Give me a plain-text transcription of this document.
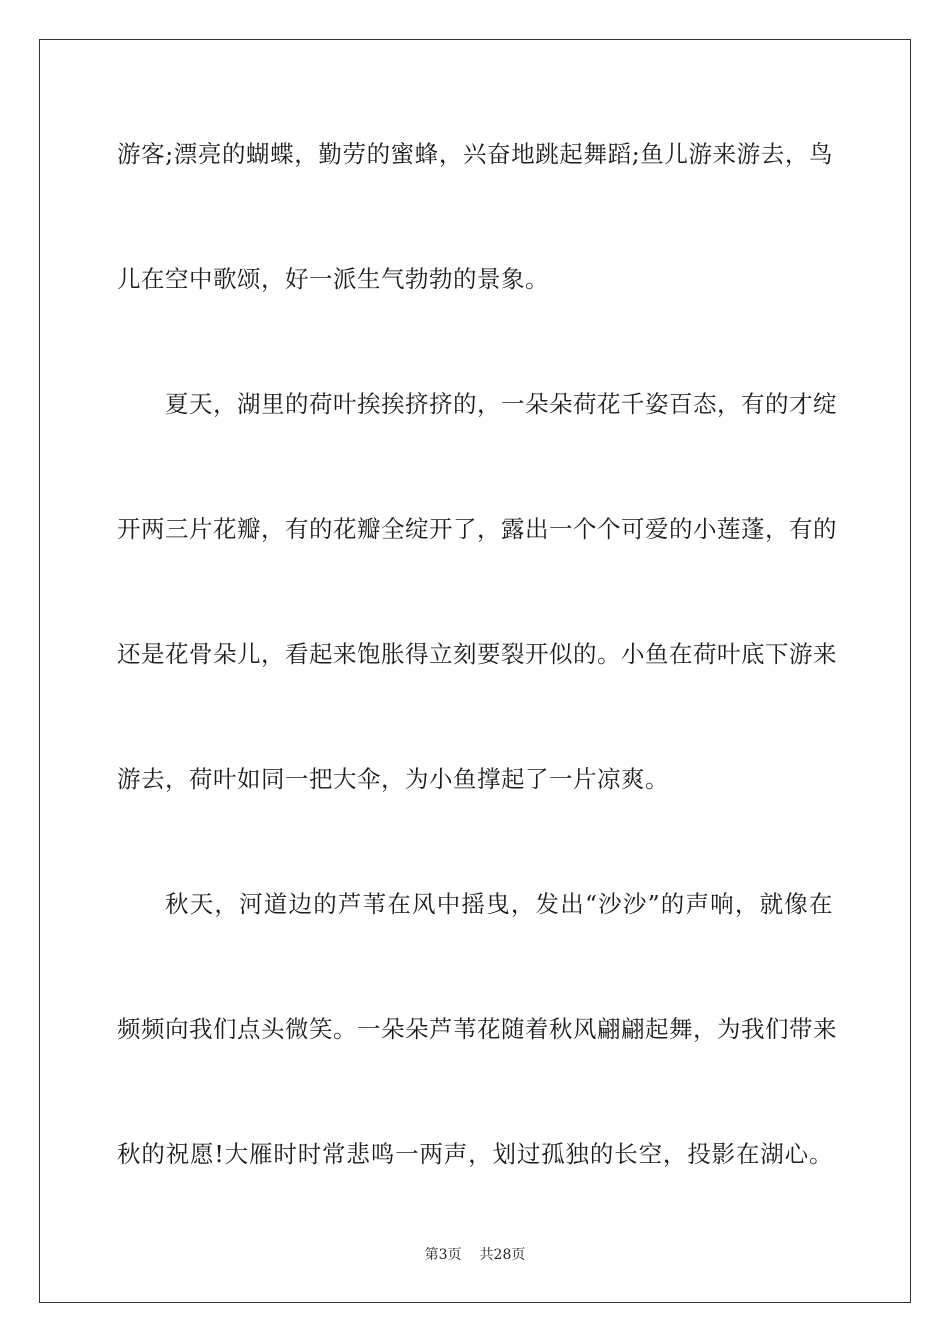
游客;漂亮的蝴蝶，勤劳的蜜蜂，兴奋地跳起舞蹈;鱼儿游来游去，鸟
儿在空中歌颂，好一派生气勃勃的景象。
夏天，湖里的荷叶挨挨挤挤的，一朵朵荷花千姿百态，有的才绽
开两三片花瓣，有的花瓣全绽开了，露出一个个可爱的小莲蓬，有的
还是花骨朵儿，看起来饱胀得立刻要裂开似的。小鱼在荷叶底下游来
游去，荷叶如同一把大伞，为小鱼撑起了一片凉爽。
秋天，河道边的芦苇在风中摇曳，发出“沙沙”的声响，就像在
频频向我们点头微笑。一朵朵芦苇花随着秋风翩翩起舞，为我们带来
秋的祝愿!大雁时时常悲鸣一两声，划过孤独的长空，投影在湖心。
第3页 共28页
